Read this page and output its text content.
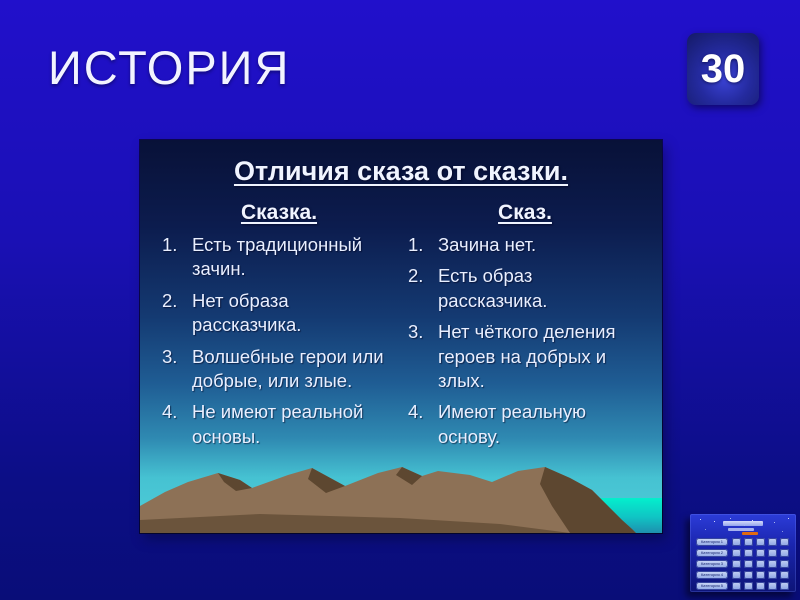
ИСТОРИЯ	30
Отличия сказа от сказки.
Сказка.
1. Есть традиционный зачин.
2. Нет образа рассказчика.
3. Волшебные герои или добрые, или злые.
4. Не имеют реальной основы.
Сказ.
1. Зачина нет.
2. Есть образ рассказчика.
3. Нет чёткого деления героев на добрых и злых.
4. Имеют реальную основу.
Категория 1
Категория 2
Категория 3
Категория 4
Категория 5
